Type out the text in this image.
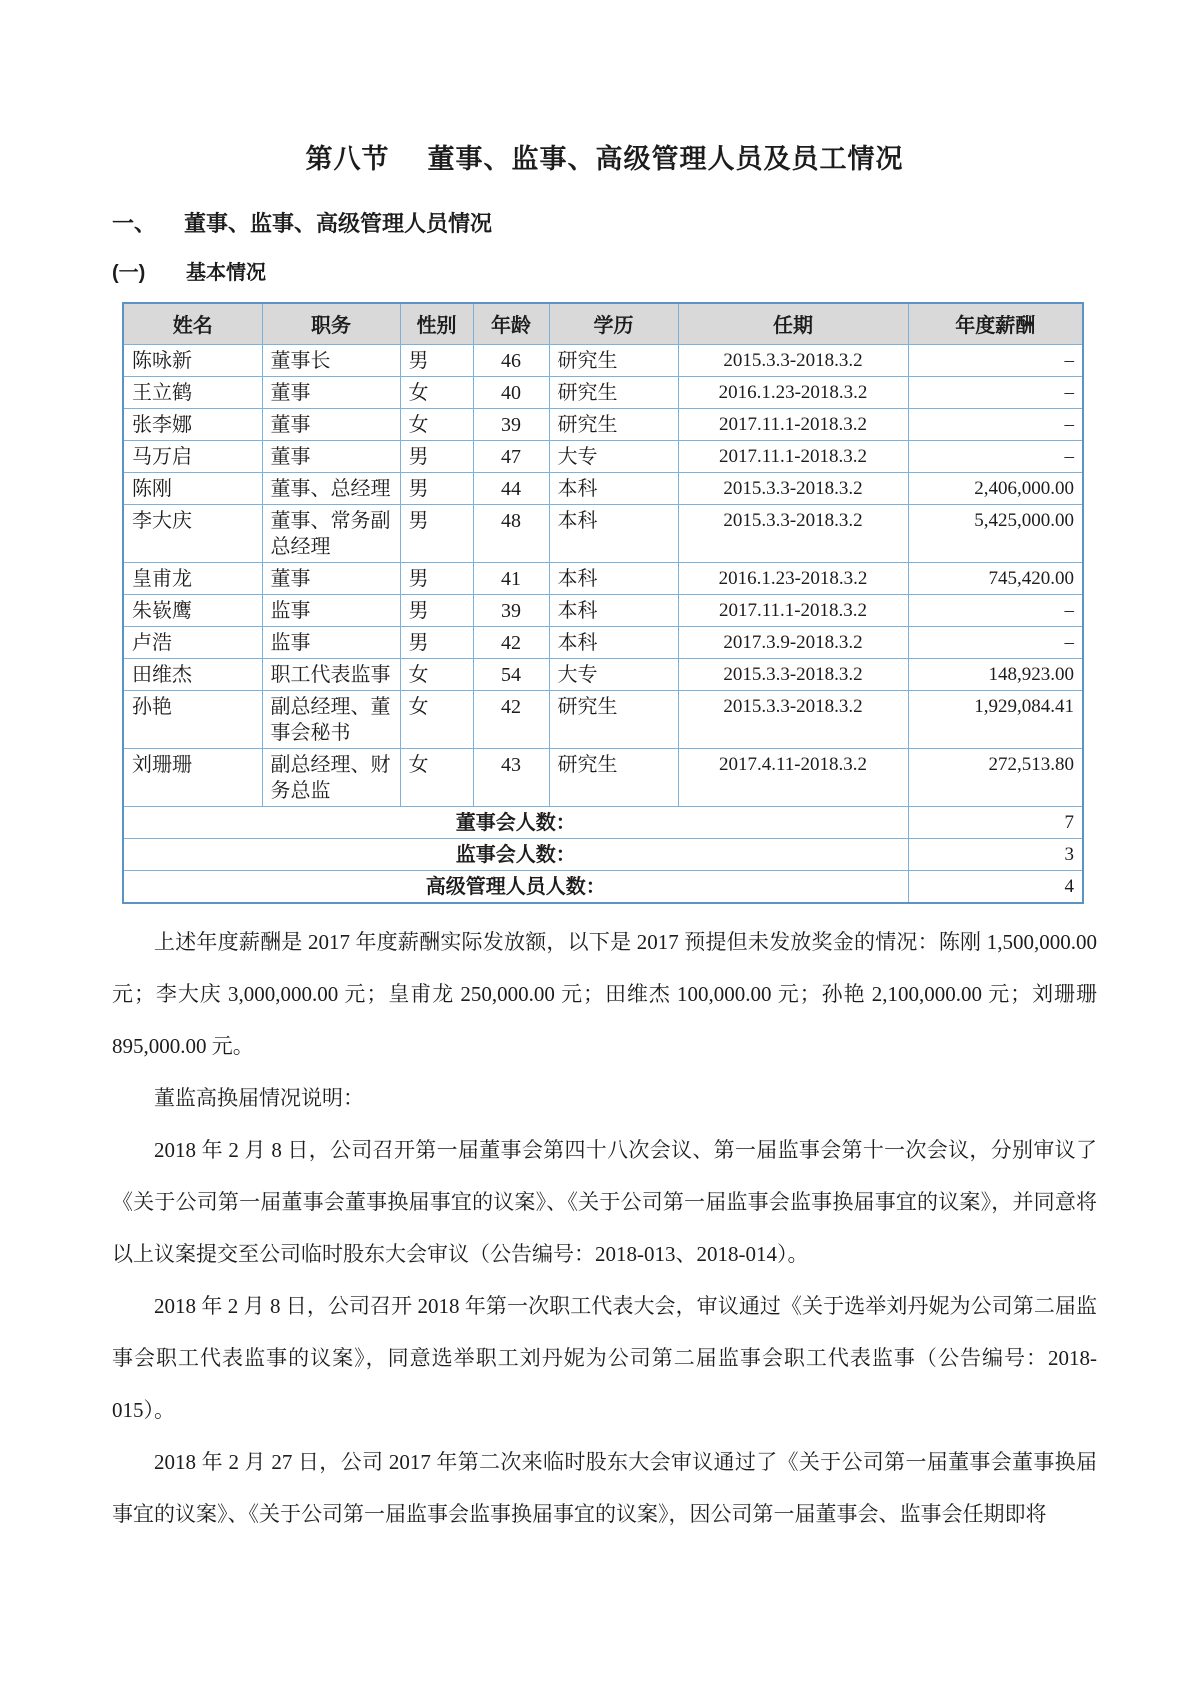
第八节 董事、监事、高级管理人员及员工情况
一、 董事、监事、高级管理人员情况
(一) 基本情况
姓名	职务	性别	年龄	学历	任期	年度薪酬
陈咏新	董事长	男	46	研究生	2015.3.3-2018.3.2	–
王立鹤	董事	女	40	研究生	2016.1.23-2018.3.2	–
张李娜	董事	女	39	研究生	2017.11.1-2018.3.2	–
马万启	董事	男	47	大专	2017.11.1-2018.3.2	–
陈刚	董事、总经理	男	44	本科	2015.3.3-2018.3.2	2,406,000.00
李大庆	董事、常务副总经理	男	48	本科	2015.3.3-2018.3.2	5,425,000.00
皇甫龙	董事	男	41	本科	2016.1.23-2018.3.2	745,420.00
朱嵚鹰	监事	男	39	本科	2017.11.1-2018.3.2	–
卢浩	监事	男	42	本科	2017.3.9-2018.3.2	–
田维杰	职工代表监事	女	54	大专	2015.3.3-2018.3.2	148,923.00
孙艳	副总经理、董事会秘书	女	42	研究生	2015.3.3-2018.3.2	1,929,084.41
刘珊珊	副总经理、财务总监	女	43	研究生	2017.4.11-2018.3.2	272,513.80
董事会人数：						7
监事会人数：						3
高级管理人员人数：						4

上述年度薪酬是 2017 年度薪酬实际发放额，以下是 2017 预提但未发放奖金的情况：陈刚 1,500,000.00 元；李大庆 3,000,000.00 元；皇甫龙 250,000.00 元；田维杰 100,000.00 元；孙艳 2,100,000.00 元；刘珊珊 895,000.00 元。

董监高换届情况说明：

2018 年 2 月 8 日，公司召开第一届董事会第四十八次会议、第一届监事会第十一次会议，分别审议了《关于公司第一届董事会董事换届事宜的议案》、《关于公司第一届监事会监事换届事宜的议案》，并同意将以上议案提交至公司临时股东大会审议（公告编号：2018-013、2018-014）。

2018 年 2 月 8 日，公司召开 2018 年第一次职工代表大会，审议通过《关于选举刘丹妮为公司第二届监事会职工代表监事的议案》，同意选举职工刘丹妮为公司第二届监事会职工代表监事（公告编号：2018-015）。

2018 年 2 月 27 日，公司 2017 年第二次来临时股东大会审议通过了《关于公司第一届董事会董事换届事宜的议案》、《关于公司第一届监事会监事换届事宜的议案》，因公司第一届董事会、监事会任期即将
